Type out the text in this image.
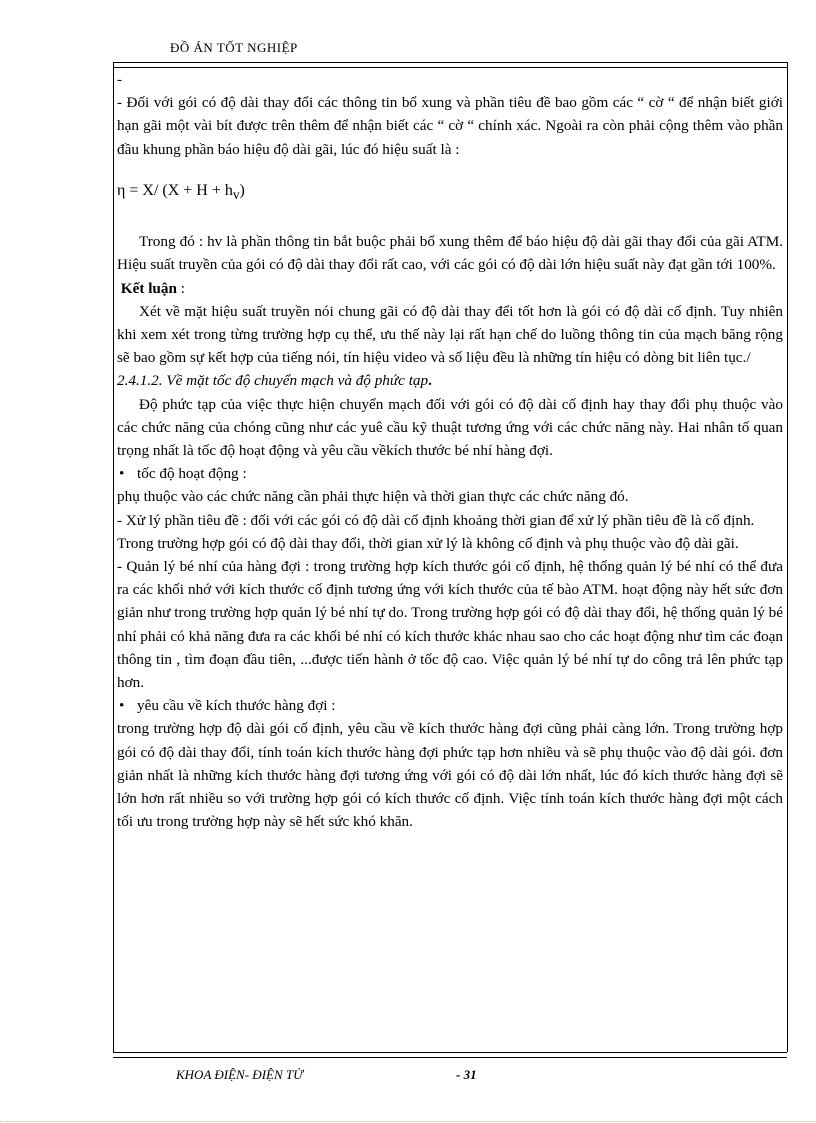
ĐỒ ÁN TỐT NGHIỆP

-

- Đối với gói có độ dài thay đổi các thông tin bổ xung và phần tiêu đề bao gồm các “ cờ “ để nhận biết giới hạn gãi một vài bít được trên thêm để nhận biết các “ cờ “ chính xác. Ngoài ra còn phải cộng thêm vào phần đầu khung phần báo hiệu độ dài gãi, lúc đó hiệu suất là :

η = X/ $(X + H + h_v)$

Trong đó : hv là phần thông tin bắt buộc phải bổ xung thêm để báo hiệu độ dài gãi thay đổi của gãi ATM. Hiệu suất truyền của gói có độ dài thay đổi rất cao, với các gói có độ dài lớn hiệu suất này đạt gần tới 100%.

Kết luận :

Xét về mặt hiệu suất truyền nói chung gãi có độ dài thay đểi tốt hơn là gói có độ dài cố định. Tuy nhiên khi xem xét trong từng trường hợp cụ thể, ưu thế này lại rất hạn chế do luồng thông tin của mạch băng rộng sẽ bao gồm sự kết hợp của tiếng nói, tín hiệu video và số liệu đều là những tín hiệu có dòng bit liên tục./

2.4.1.2. Về mặt tốc độ chuyển mạch và độ phức tạp.

Độ phức tạp của việc thực hiện chuyển mạch đối với gói có độ dài cố định hay thay đổi phụ thuộc vào các chức năng của chóng cũng như các yuê cầu kỹ thuật tương ứng với các chức năng này. Hai nhân tố quan trọng nhất là tốc độ hoạt động và yêu cầu vềkích thước bé nhí hàng đợi.

• tốc độ hoạt động :

phụ thuộc vào các chức năng cần phải thực hiện và thời gian thực các chức năng đó.

- Xử lý phần tiêu đề : đối với các gói có độ dài cố định khoảng thời gian để xử lý phần tiêu đề là cố định.

Trong trường hợp gói có độ dài thay đổi, thời gian xử lý là không cố định và phụ thuộc vào độ dài gãi.

- Quản lý bé nhí của hàng đợi : trong trường hợp kích thước gói cố định, hệ thống quản lý bé nhí có thể đưa ra các khối nhớ với kích thước cố định tương ứng với kích thước của tế bào ATM. hoạt động này hết sức đơn giản như trong trường hợp quản lý bé nhí tự do. Trong trường hợp gói có độ dài thay đổi, hệ thống quản lý bé nhí phải có khả năng đưa ra các khối bé nhí có kích thước khác nhau sao cho các hoạt động như tìm các đoạn thông tin , tìm đoạn đầu tiên, ...được tiến hành ở tốc độ cao. Việc quản lý bé nhí tự do công trả lên phức tạp hơn.

• yêu cầu về kích thước hàng đợi :

trong trường hợp độ dài gói cố định, yêu cầu về kích thước hàng đợi cũng phải càng lớn. Trong trường hợp gói có độ dài thay đổi, tính toán kích thước hàng đợi phức tạp hơn nhiều và sẽ phụ thuộc vào độ dài gói. đơn giản nhất là những kích thước hàng đợi tương ứng với gói có độ dài lớn nhất, lúc đó kích thước hàng đợi sẽ lớn hơn rất nhiều so với trường hợp gói có kích thước cố định. Việc tính toán kích thước hàng đợi một cách tối ưu trong trường hợp này sẽ hết sức khó khăn.

KHOA ĐIỆN- ĐIỆN TỬ	- 31
